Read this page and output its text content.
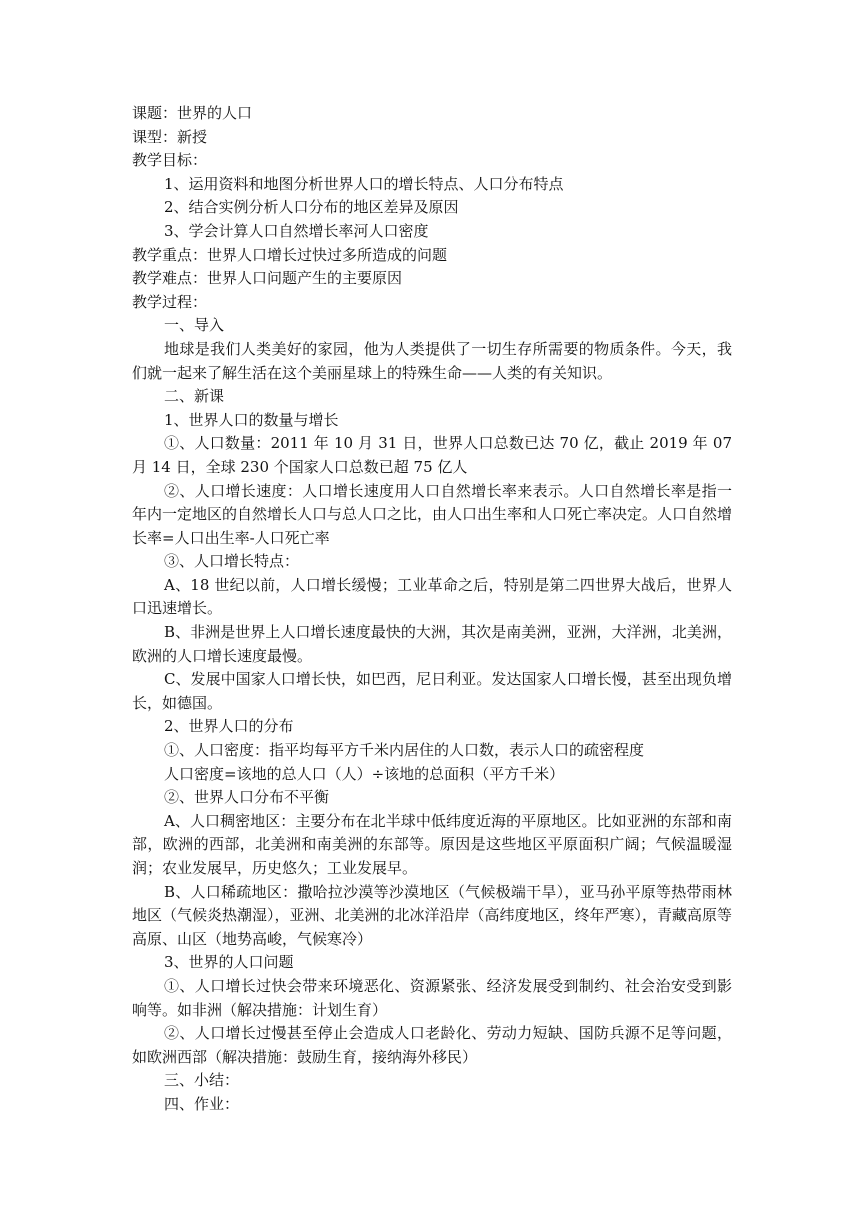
课题：世界的人口

课型：新授

教学目标：

1、运用资料和地图分析世界人口的增长特点、人口分布特点

2、结合实例分析人口分布的地区差异及原因

3、学会计算人口自然增长率河人口密度

教学重点：世界人口增长过快过多所造成的问题

教学难点：世界人口问题产生的主要原因

教学过程：

一、导入

地球是我们人类美好的家园，他为人类提供了一切生存所需要的物质条件。今天，我们就一起来了解生活在这个美丽星球上的特殊生命——人类的有关知识。

二、新课

1、世界人口的数量与增长

①、人口数量：2011 年 10 月 31 日，世界人口总数已达 70 亿，截止 2019 年 07 月 14 日，全球 230 个国家人口总数已超 75 亿人

②、人口增长速度：人口增长速度用人口自然增长率来表示。人口自然增长率是指一年内一定地区的自然增长人口与总人口之比，由人口出生率和人口死亡率决定。人口自然增长率=人口出生率-人口死亡率

③、人口增长特点：

A、18 世纪以前，人口增长缓慢；工业革命之后，特别是第二四世界大战后，世界人口迅速增长。

B、非洲是世界上人口增长速度最快的大洲，其次是南美洲，亚洲，大洋洲，北美洲，欧洲的人口增长速度最慢。

C、发展中国家人口增长快，如巴西，尼日利亚。发达国家人口增长慢，甚至出现负增长，如德国。

2、世界人口的分布

①、人口密度：指平均每平方千米内居住的人口数，表示人口的疏密程度

人口密度=该地的总人口（人）÷该地的总面积（平方千米）

②、世界人口分布不平衡

A、人口稠密地区：主要分布在北半球中低纬度近海的平原地区。比如亚洲的东部和南部，欧洲的西部，北美洲和南美洲的东部等。原因是这些地区平原面积广阔；气候温暖湿润；农业发展早，历史悠久；工业发展早。

B、人口稀疏地区：撒哈拉沙漠等沙漠地区（气候极端干旱），亚马孙平原等热带雨林地区（气候炎热潮湿），亚洲、北美洲的北冰洋沿岸（高纬度地区，终年严寒），青藏高原等高原、山区（地势高峻，气候寒冷）

3、世界的人口问题

①、人口增长过快会带来环境恶化、资源紧张、经济发展受到制约、社会治安受到影响等。如非洲（解决措施：计划生育）

②、人口增长过慢甚至停止会造成人口老龄化、劳动力短缺、国防兵源不足等问题，如欧洲西部（解决措施：鼓励生育，接纳海外移民）

三、小结：

四、作业：
